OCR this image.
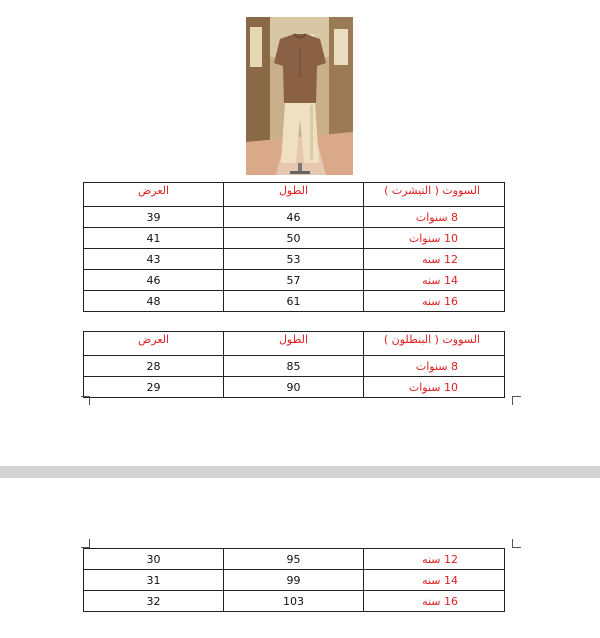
السووت ( التيشرت )	الطول	العرض
8 سنوات	46	39
10 سنوات	50	41
12 سنه	53	43
14 سنه	57	46
16 سنه	61	48
السووت ( البنطلون )	الطول	العرض
8 سنوات	85	28
10 سنوات	90	29
12 سنه	95	30
14 سنه	99	31
16 سنه	103	32
